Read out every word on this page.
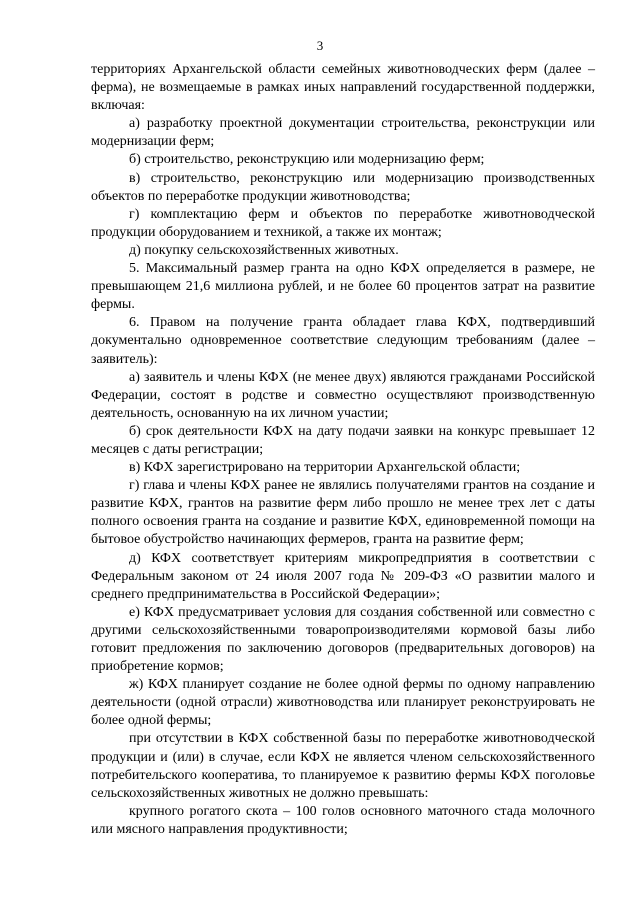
3

территориях Архангельской области семейных животноводческих ферм (далее – ферма), не возмещаемые в рамках иных направлений государственной поддержки, включая:

а) разработку проектной документации строительства, реконструкции или модернизации ферм;

б) строительство, реконструкцию или модернизацию ферм;

в) строительство, реконструкцию или модернизацию производственных объектов по переработке продукции животноводства;

г) комплектацию ферм и объектов по переработке животноводческой продукции оборудованием и техникой, а также их монтаж;

д) покупку сельскохозяйственных животных.

5. Максимальный размер гранта на одно КФХ определяется в размере, не превышающем 21,6 миллиона рублей, и не более 60 процентов затрат на развитие фермы.

6. Правом на получение гранта обладает глава КФХ, подтвердивший документально одновременное соответствие следующим требованиям (далее – заявитель):

а) заявитель и члены КФХ (не менее двух) являются гражданами Российской Федерации, состоят в родстве и совместно осуществляют производственную деятельность, основанную на их личном участии;

б) срок деятельности КФХ на дату подачи заявки на конкурс превышает 12 месяцев с даты регистрации;

в) КФХ зарегистрировано на территории Архангельской области;

г) глава и члены КФХ ранее не являлись получателями грантов на создание и развитие КФХ, грантов на развитие ферм либо прошло не менее трех лет с даты полного освоения гранта на создание и развитие КФХ, единовременной помощи на бытовое обустройство начинающих фермеров, гранта на развитие ферм;

д) КФХ соответствует критериям микропредприятия в соответствии с Федеральным законом от 24 июля 2007 года № 209-ФЗ «О развитии малого и среднего предпринимательства в Российской Федерации»;

е) КФХ предусматривает условия для создания собственной или совместно с другими сельскохозяйственными товаропроизводителями кормовой базы либо готовит предложения по заключению договоров (предварительных договоров) на приобретение кормов;

ж) КФХ планирует создание не более одной фермы по одному направлению деятельности (одной отрасли) животноводства или планирует реконструировать не более одной фермы;

при отсутствии в КФХ собственной базы по переработке животноводческой продукции и (или) в случае, если КФХ не является членом сельскохозяйственного потребительского кооператива, то планируемое к развитию фермы КФХ поголовье сельскохозяйственных животных не должно превышать:

крупного рогатого скота – 100 голов основного маточного стада молочного или мясного направления продуктивности;
